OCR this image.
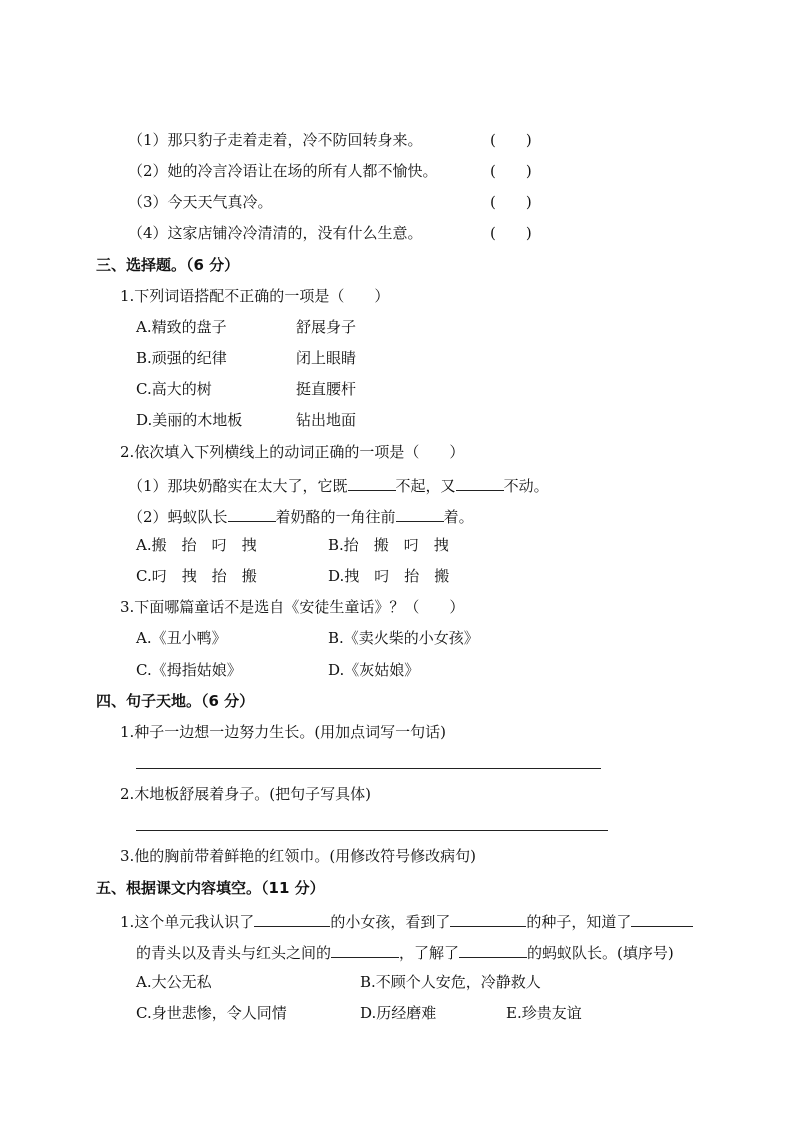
（1）那只豹子走着走着，冷不防回转身来。	(　　)
（2）她的冷言冷语让在场的所有人都不愉快。	(　　)
（3）今天天气真冷。	(　　)
（4）这家店铺冷冷清清的，没有什么生意。	(　　)
三、选择题。（6 分）
1.下列词语搭配不正确的一项是（　　）
A.精致的盘子	舒展身子
B.顽强的纪律	闭上眼睛
C.高大的树	挺直腰杆
D.美丽的木地板	钻出地面
2.依次填入下列横线上的动词正确的一项是（　　）
（1）那块奶酪实在太大了，它既	不起，又	不动。
（2）蚂蚁队长	着奶酪的一角往前	着。
A.搬　抬　叼　拽	B.抬　搬　叼　拽
C.叼　拽　抬　搬	D.拽　叼　抬　搬
3.下面哪篇童话不是选自《安徒生童话》？（　　）
A.《丑小鸭》	B.《卖火柴的小女孩》
C.《拇指姑娘》	D.《灰姑娘》
四、句子天地。（6 分）
1.种子一边想一边努力生长。(用加点词写一句话)
2.木地板舒展着身子。(把句子写具体)
3.他的胸前带着鲜艳的红领巾。(用修改符号修改病句)
五、根据课文内容填空。（11 分）
1.这个单元我认识了	的小女孩，看到了	的种子，知道了
的青头以及青头与红头之间的	，了解了	的蚂蚁队长。(填序号)
A.大公无私	B.不顾个人安危，冷静救人
C.身世悲惨，令人同情	D.历经磨难	E.珍贵友谊
